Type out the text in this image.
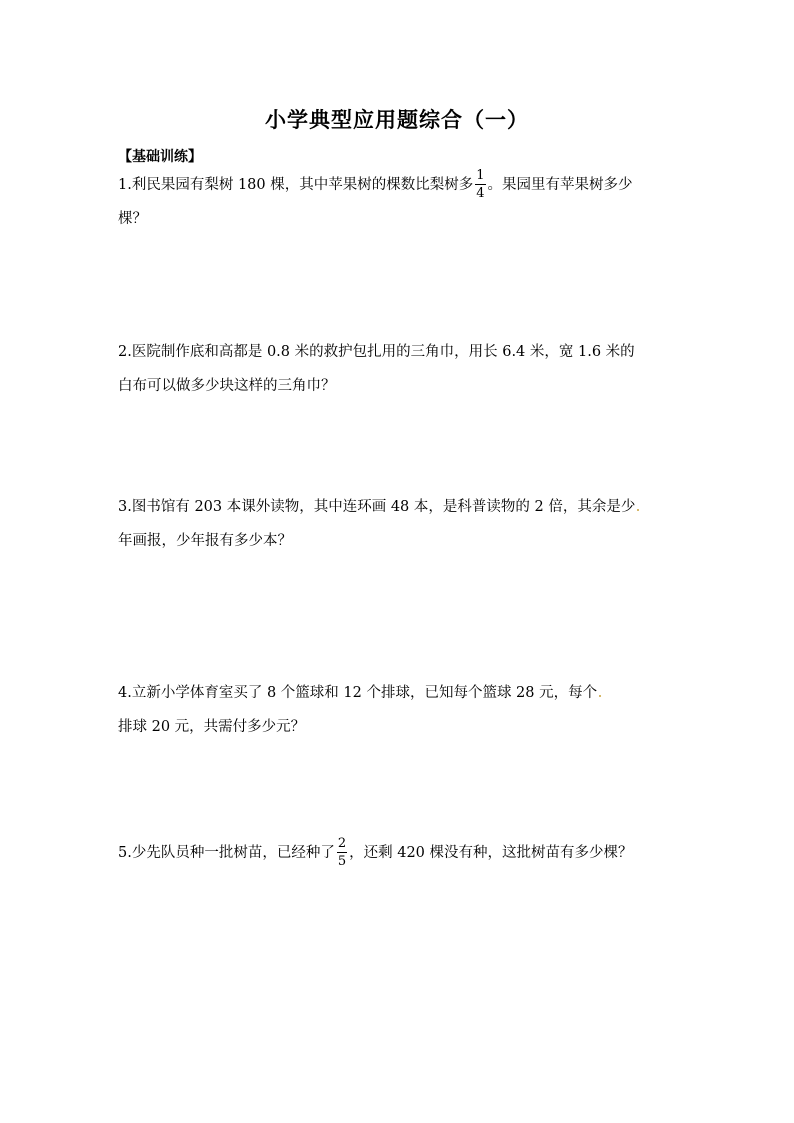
小学典型应用题综合（一）
【基础训练】
1.利民果园有梨树 180 棵，其中苹果树的棵数比梨树多 $\frac{1}{4}$ 。果园里有苹果树多少
棵？
2.医院制作底和高都是 0.8 米的救护包扎用的三角巾，用长 6.4 米，宽 1.6 米的
白布可以做多少块这样的三角巾？
3.图书馆有 203 本课外读物，其中连环画 48 本，是科普读物的 2 倍，其余是少
年画报，少年报有多少本？
4.立新小学体育室买了 8 个篮球和 12 个排球，已知每个篮球 28 元，每个
排球 20 元，共需付多少元？
5.少先队员种一批树苗，已经种了 $\frac{2}{5}$ ，还剩 420 棵没有种，这批树苗有多少棵？
